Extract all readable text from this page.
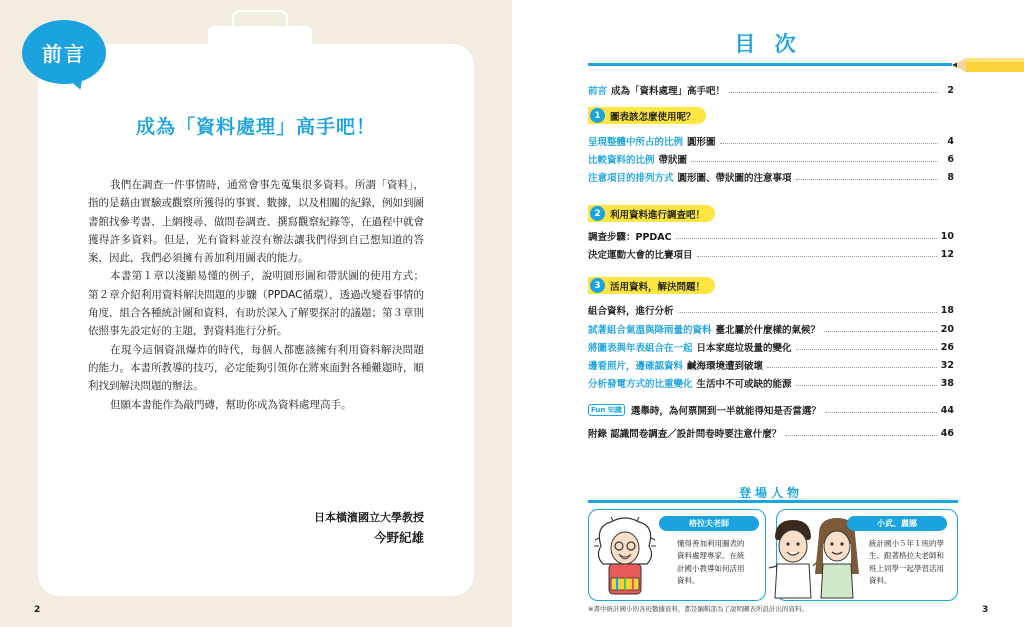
前言
成為「資料處理」高手吧！

我們在調查一件事情時，通常會事先蒐集很多資料。所謂「資料」，指的是藉由實驗或觀察所獲得的事實、數據，以及相關的紀錄，例如到圖書館找參考書、上網搜尋、做問卷調查、撰寫觀察紀錄等，在過程中就會獲得許多資料。但是，光有資料並沒有辦法讓我們得到自己想知道的答案，因此，我們必須擁有善加利用圖表的能力。

本書第１章以淺顯易懂的例子，說明圓形圖和帶狀圖的使用方式；第２章介紹利用資料解決問題的步驟（PPDAC循環），透過改變看事情的角度，組合各種統計圖和資料，有助於深入了解要探討的議題；第３章則依照事先設定好的主題，對資料進行分析。

在現今這個資訊爆炸的時代，每個人都應該擁有利用資料解決問題的能力。本書所教導的技巧，必定能夠引領你在將來面對各種難題時，順利找到解決問題的辦法。

但願本書能作為敲門磚，幫助你成為資料處理高手。

日本橫濱國立大學教授
今野紀雄
2
目 次
前言 成為「資料處理」高手吧！	2
1 圖表該怎麼使用呢？
呈現整體中所占的比例 圓形圖	4
比較資料的比例 帶狀圖	6
注意項目的排列方式 圓形圖、帶狀圖的注意事項	8
2 利用資料進行調查吧！
調查步驟：PPDAC	10
決定運動大會的比賽項目	12
3 活用資料，解決問題！
組合資料，進行分析	18
試著組合氣溫與降雨量的資料 臺北屬於什麼樣的氣候？	20
將圖表與年表組合在一起 日本家庭垃圾量的變化	26
邊看照片，邊確認資料 鹹海環境遭到破壞	32
分析發電方式的比重變化 生活中不可或缺的能源	38
Fun 知識 選舉時，為何票開到一半就能得知是否當選？	44
附錄 認識問卷調查／設計問卷時要注意什麼？	46
登場人物
格拉夫老師
懂得善加利用圖表的
資料處理專家。在統
計國小教導如何活用
資料。
小武、麗娜
統計國小５年１班的學
生。跟著格拉夫老師和
班上同學一起學習活用
資料。
※書中統計國小的各班數據資料，都是編輯部為了說明圖表所設計出的資料。	3
